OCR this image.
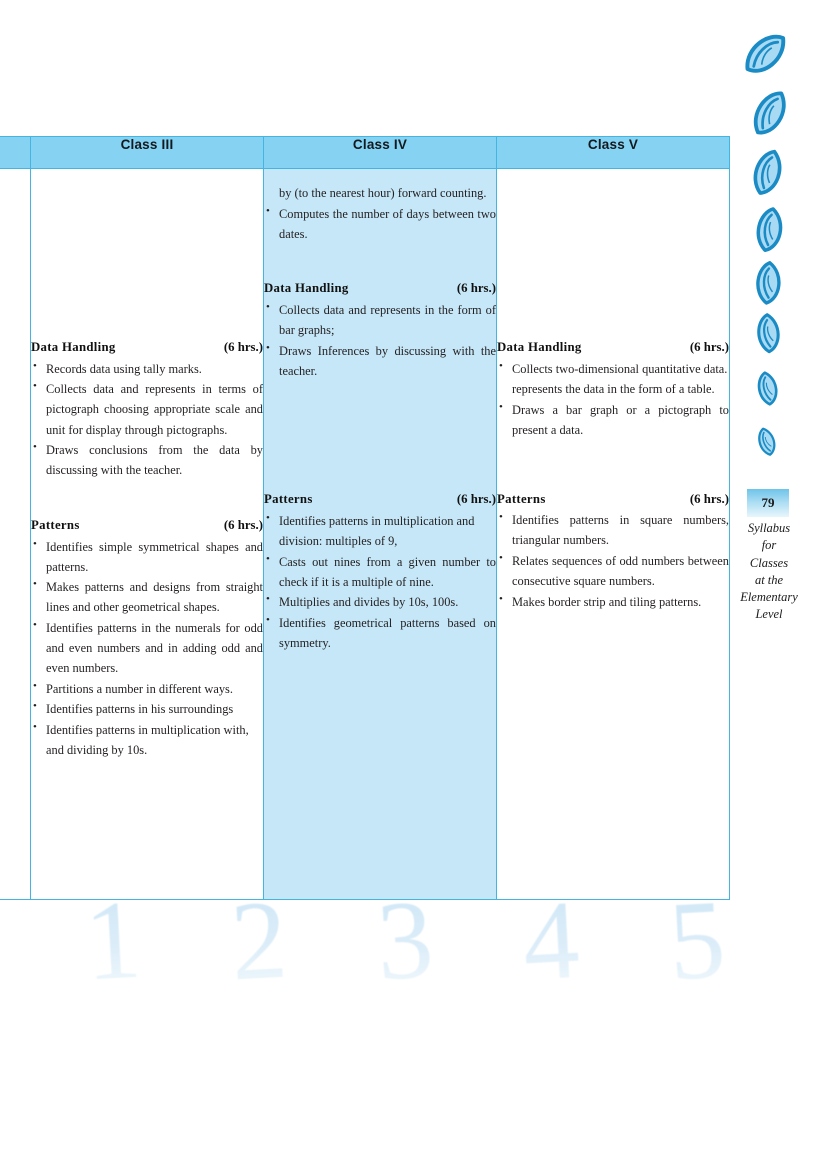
	Class III	Class IV	Class V

Data Handling	(6 hrs.)
• Records data using tally marks.
• Collects data and represents in terms of pictograph choosing appropriate scale and unit for display through pictographs.
• Draws conclusions from the data by discussing with the teacher.
Patterns	(6 hrs.)
• Identifies simple symmetrical shapes and patterns.
• Makes patterns and designs from straight lines and other geometrical shapes.
• Identifies patterns in the numerals for odd and even numbers and in adding odd and even numbers.
• Partitions a number in different ways.
• Identifies patterns in his surroundings
• Identifies patterns in multiplication with, and dividing by 10s.

by (to the nearest hour) forward counting.
• Computes the number of days between two dates.
Data Handling	(6 hrs.)
• Collects data and represents in the form of bar graphs;
• Draws Inferences by discussing with the teacher.
Patterns	(6 hrs.)
• Identifies patterns in multiplication and division: multiples of 9,
• Casts out nines from a given number to check if it is a multiple of nine.
• Multiplies and divides by 10s, 100s.
• Identifies geometrical patterns based on symmetry.

Data Handling	(6 hrs.)
• Collects two-dimensional quantitative data.
represents the data in the form of a table.
• Draws a bar graph or a pictograph to present a data.
Patterns	(6 hrs.)
• Identifies patterns in square numbers, triangular numbers.
• Relates sequences of odd numbers between consecutive square numbers.
• Makes border strip and tiling patterns.
79
Syllabus
for
Classes
at the
Elementary
Level
1 2 3 4 5
